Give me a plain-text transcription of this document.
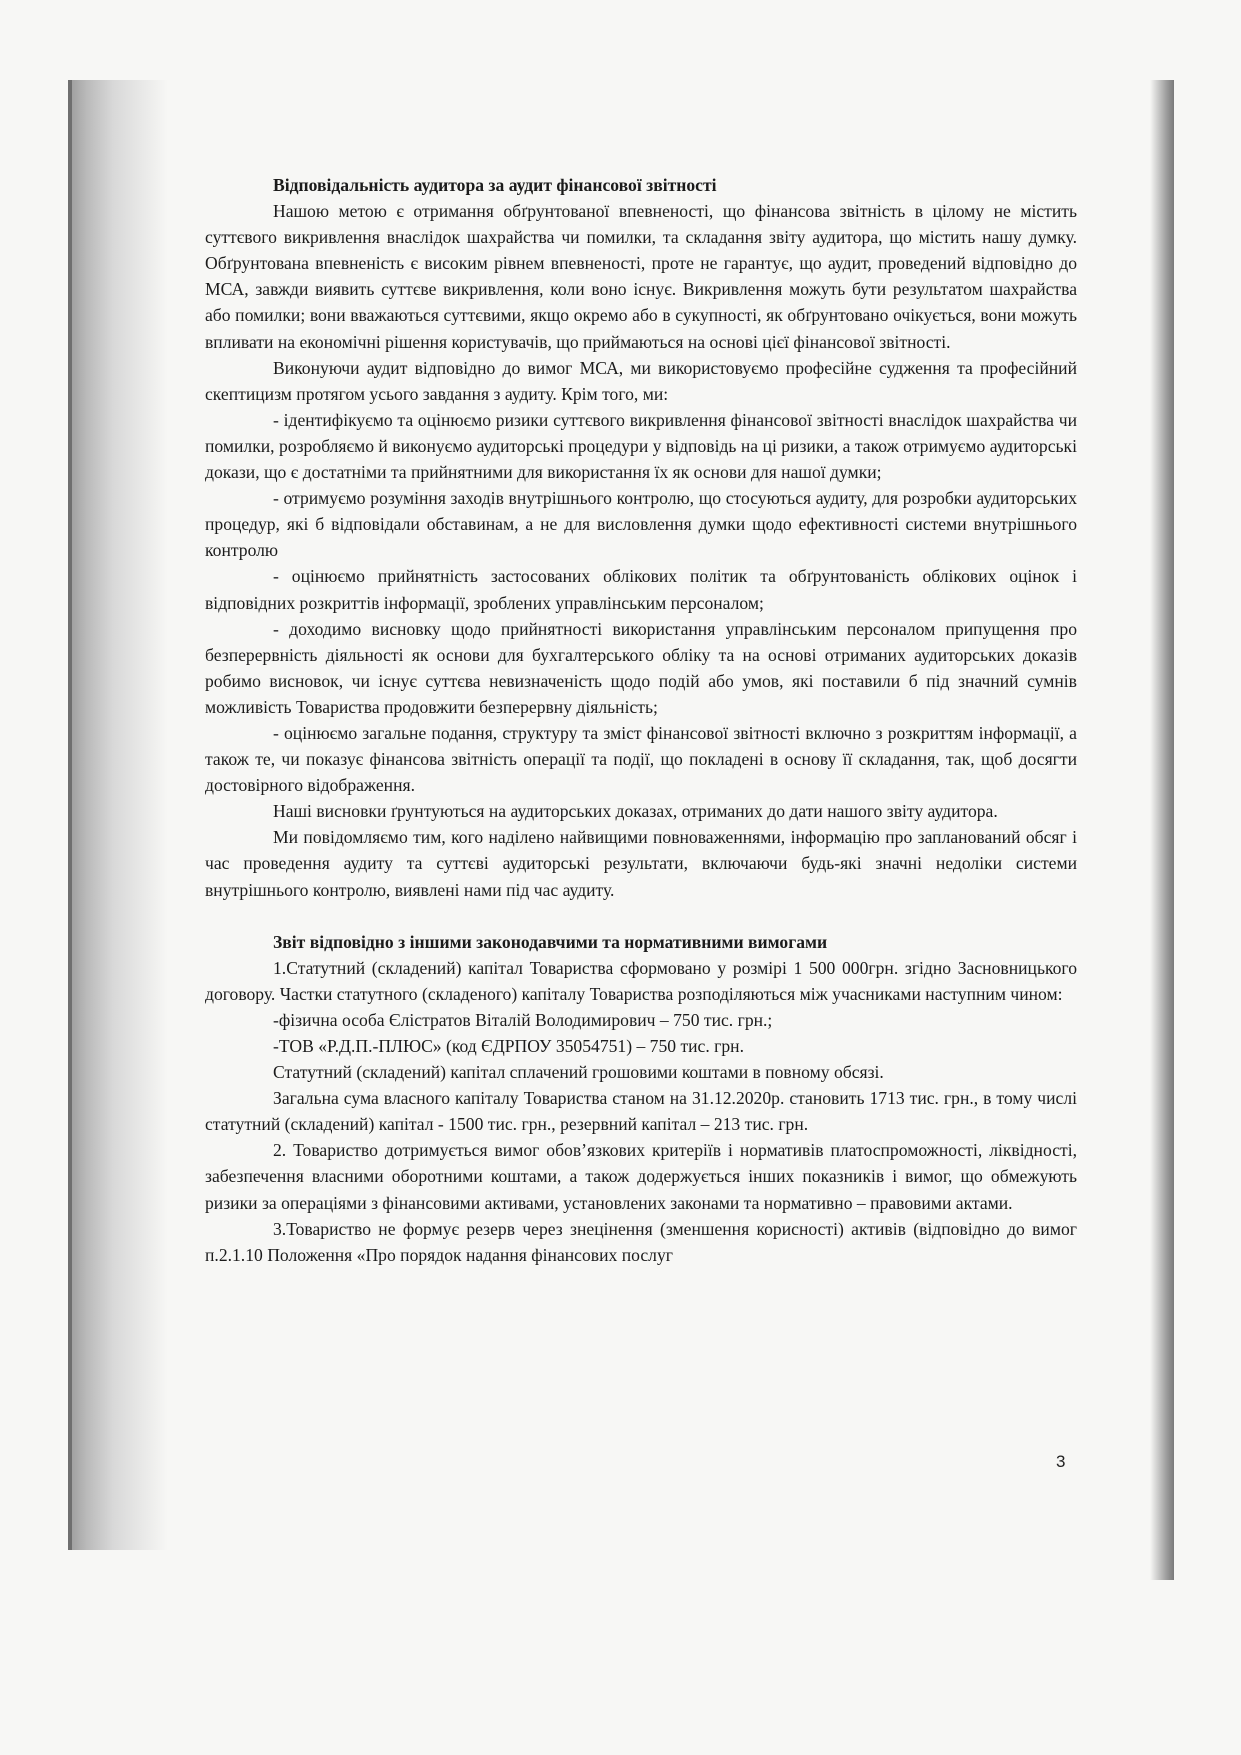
Відповідальність аудитора за аудит фінансової звітності

Нашою метою є отримання обґрунтованої впевненості, що фінансова звітність в цілому не містить суттєвого викривлення внаслідок шахрайства чи помилки, та складання звіту аудитора, що містить нашу думку. Обґрунтована впевненість є високим рівнем впевненості, проте не гарантує, що аудит, проведений відповідно до МСА, завжди виявить суттєве викривлення, коли воно існує. Викривлення можуть бути результатом шахрайства або помилки; вони вважаються суттєвими, якщо окремо або в сукупності, як обґрунтовано очікується, вони можуть впливати на економічні рішення користувачів, що приймаються на основі цієї фінансової звітності.

Виконуючи аудит відповідно до вимог МСА, ми використовуємо професійне судження та професійний скептицизм протягом усього завдання з аудиту. Крім того, ми:

- ідентифікуємо та оцінюємо ризики суттєвого викривлення фінансової звітності внаслідок шахрайства чи помилки, розробляємо й виконуємо аудиторські процедури у відповідь на ці ризики, а також отримуємо аудиторські докази, що є достатніми та прийнятними для використання їх як основи для нашої думки;

- отримуємо розуміння заходів внутрішнього контролю, що стосуються аудиту, для розробки аудиторських процедур, які б відповідали обставинам, а не для висловлення думки щодо ефективності системи внутрішнього контролю

- оцінюємо прийнятність застосованих облікових політик та обґрунтованість облікових оцінок і відповідних розкриттів інформації, зроблених управлінським персоналом;

- доходимо висновку щодо прийнятності використання управлінським персоналом припущення про безперервність діяльності як основи для бухгалтерського обліку та на основі отриманих аудиторських доказів робимо висновок, чи існує суттєва невизначеність щодо подій або умов, які поставили б під значний сумнів можливість Товариства продовжити безперервну діяльність;

- оцінюємо загальне подання, структуру та зміст фінансової звітності включно з розкриттям інформації, а також те, чи показує фінансова звітність операції та події, що покладені в основу її складання, так, щоб досягти достовірного відображення.

Наші висновки ґрунтуються на аудиторських доказах, отриманих до дати нашого звіту аудитора.

Ми повідомляємо тим, кого наділено найвищими повноваженнями, інформацію про запланований обсяг і час проведення аудиту та суттєві аудиторські результати, включаючи будь-які значні недоліки системи внутрішнього контролю, виявлені нами під час аудиту.

Звіт відповідно з іншими законодавчими та нормативними вимогами

1.Статутний (складений) капітал Товариства сформовано у розмірі 1 500 000грн. згідно Засновницького договору. Частки статутного (складеного) капіталу Товариства розподіляються між учасниками наступним чином:

-фізична особа Єлістратов Віталій Володимирович – 750 тис. грн.;

-ТОВ «Р.Д.П.-ПЛЮС» (код ЄДРПОУ 35054751) – 750 тис. грн.

Статутний (складений) капітал сплачений грошовими коштами в повному обсязі.

Загальна сума власного капіталу Товариства станом на 31.12.2020р. становить 1713 тис. грн., в тому числі статутний (складений) капітал - 1500 тис. грн., резервний капітал – 213 тис. грн.

2. Товариство дотримується вимог обов’язкових критеріїв і нормативів платоспроможності, ліквідності, забезпечення власними оборотними коштами, а також додержується інших показників і вимог, що обмежують ризики за операціями з фінансовими активами, установлених законами та нормативно – правовими актами.

3.Товариство не формує резерв через знецінення (зменшення корисності) активів (відповідно до вимог п.2.1.10 Положення «Про порядок надання фінансових послуг

3
